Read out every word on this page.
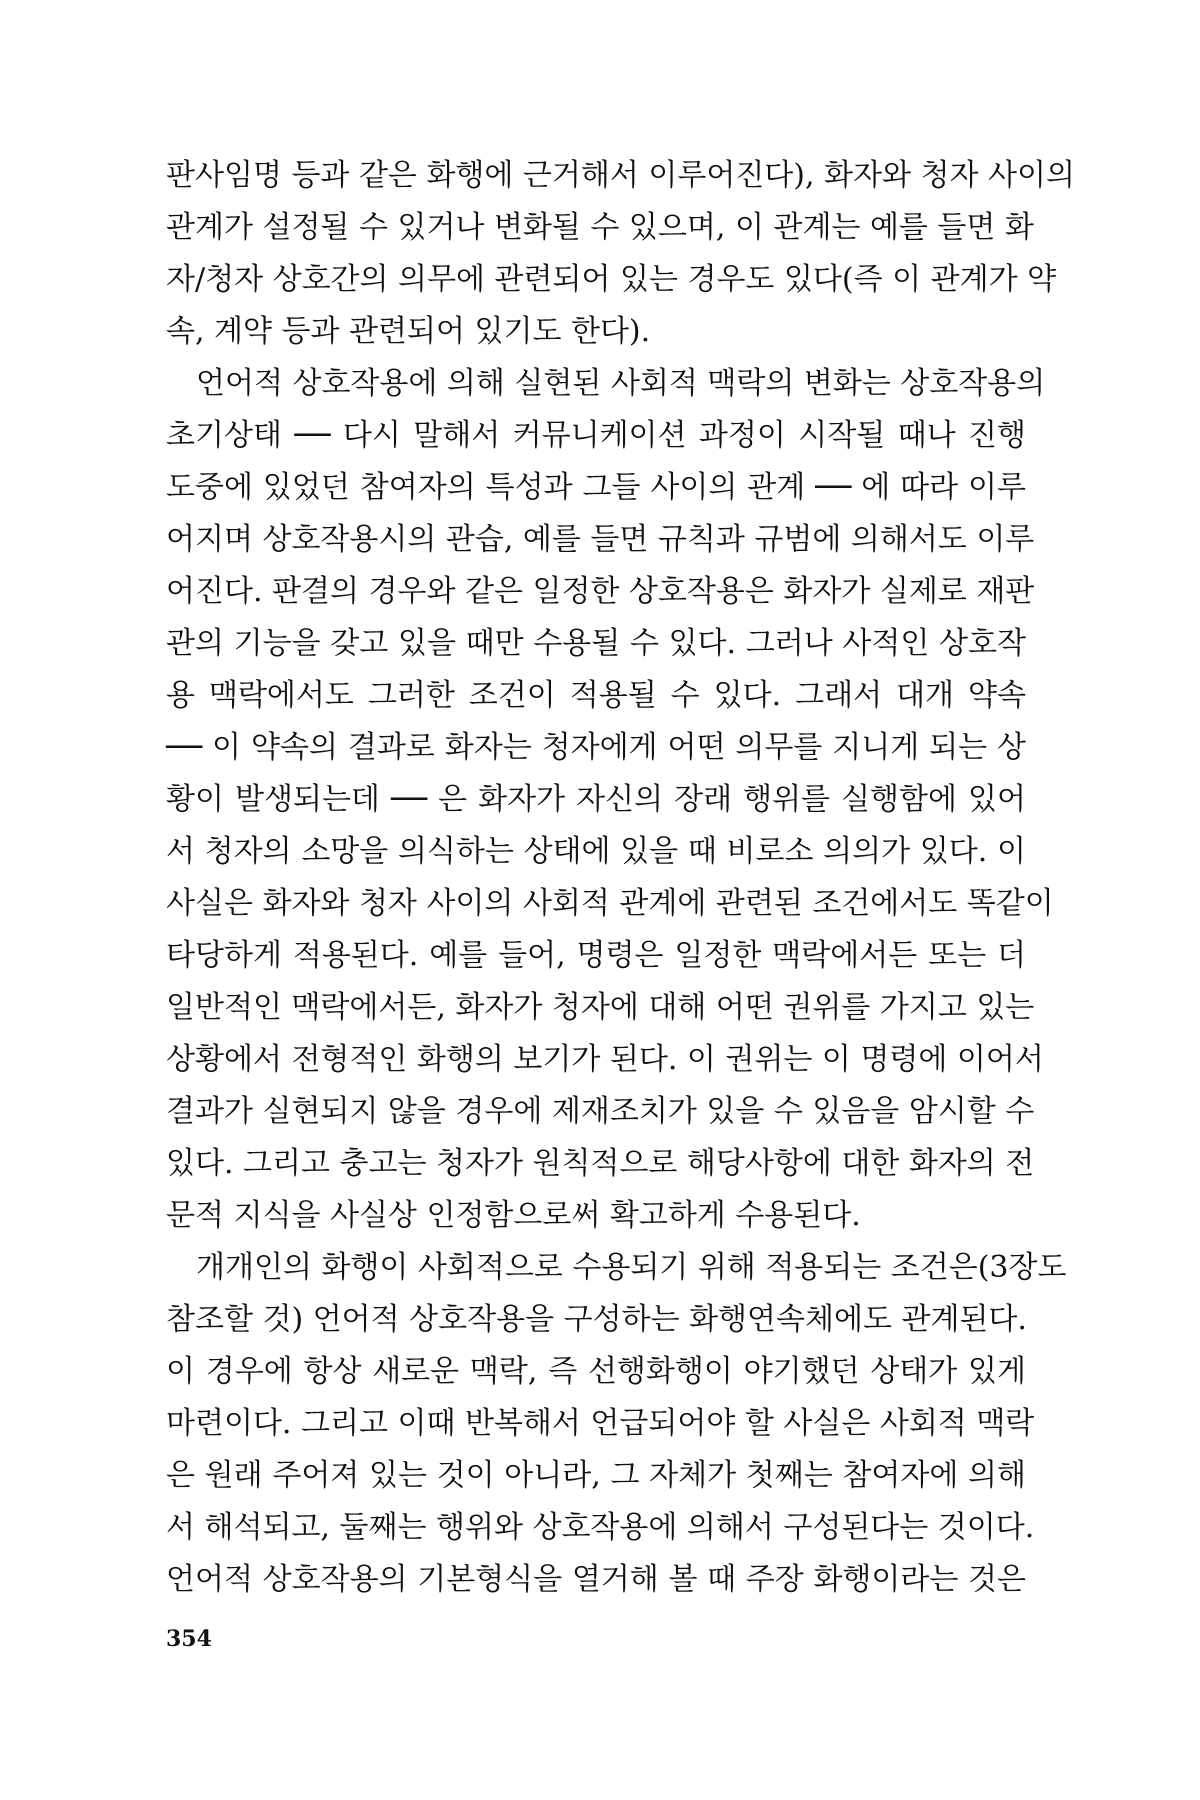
판사임명 등과 같은 화행에 근거해서 이루어진다), 화자와 청자 사이의
관계가 설정될 수 있거나 변화될 수 있으며, 이 관계는 예를 들면 화
자/청자 상호간의 의무에 관련되어 있는 경우도 있다(즉 이 관계가 약
속, 계약 등과 관련되어 있기도 한다).
언어적 상호작용에 의해 실현된 사회적 맥락의 변화는 상호작용의
초기상태 ── 다시 말해서 커뮤니케이션 과정이 시작될 때나 진행
도중에 있었던 참여자의 특성과 그들 사이의 관계 ── 에 따라 이루
어지며 상호작용시의 관습, 예를 들면 규칙과 규범에 의해서도 이루
어진다. 판결의 경우와 같은 일정한 상호작용은 화자가 실제로 재판
관의 기능을 갖고 있을 때만 수용될 수 있다. 그러나 사적인 상호작
용 맥락에서도 그러한 조건이 적용될 수 있다. 그래서 대개 약속
── 이 약속의 결과로 화자는 청자에게 어떤 의무를 지니게 되는 상
황이 발생되는데 ── 은 화자가 자신의 장래 행위를 실행함에 있어
서 청자의 소망을 의식하는 상태에 있을 때 비로소 의의가 있다. 이
사실은 화자와 청자 사이의 사회적 관계에 관련된 조건에서도 똑같이
타당하게 적용된다. 예를 들어, 명령은 일정한 맥락에서든 또는 더
일반적인 맥락에서든, 화자가 청자에 대해 어떤 권위를 가지고 있는
상황에서 전형적인 화행의 보기가 된다. 이 권위는 이 명령에 이어서
결과가 실현되지 않을 경우에 제재조치가 있을 수 있음을 암시할 수
있다. 그리고 충고는 청자가 원칙적으로 해당사항에 대한 화자의 전
문적 지식을 사실상 인정함으로써 확고하게 수용된다.
개개인의 화행이 사회적으로 수용되기 위해 적용되는 조건은(3장도
참조할 것) 언어적 상호작용을 구성하는 화행연속체에도 관계된다.
이 경우에 항상 새로운 맥락, 즉 선행화행이 야기했던 상태가 있게
마련이다. 그리고 이때 반복해서 언급되어야 할 사실은 사회적 맥락
은 원래 주어져 있는 것이 아니라, 그 자체가 첫째는 참여자에 의해
서 해석되고, 둘째는 행위와 상호작용에 의해서 구성된다는 것이다.
언어적 상호작용의 기본형식을 열거해 볼 때 주장 화행이라는 것은
354
